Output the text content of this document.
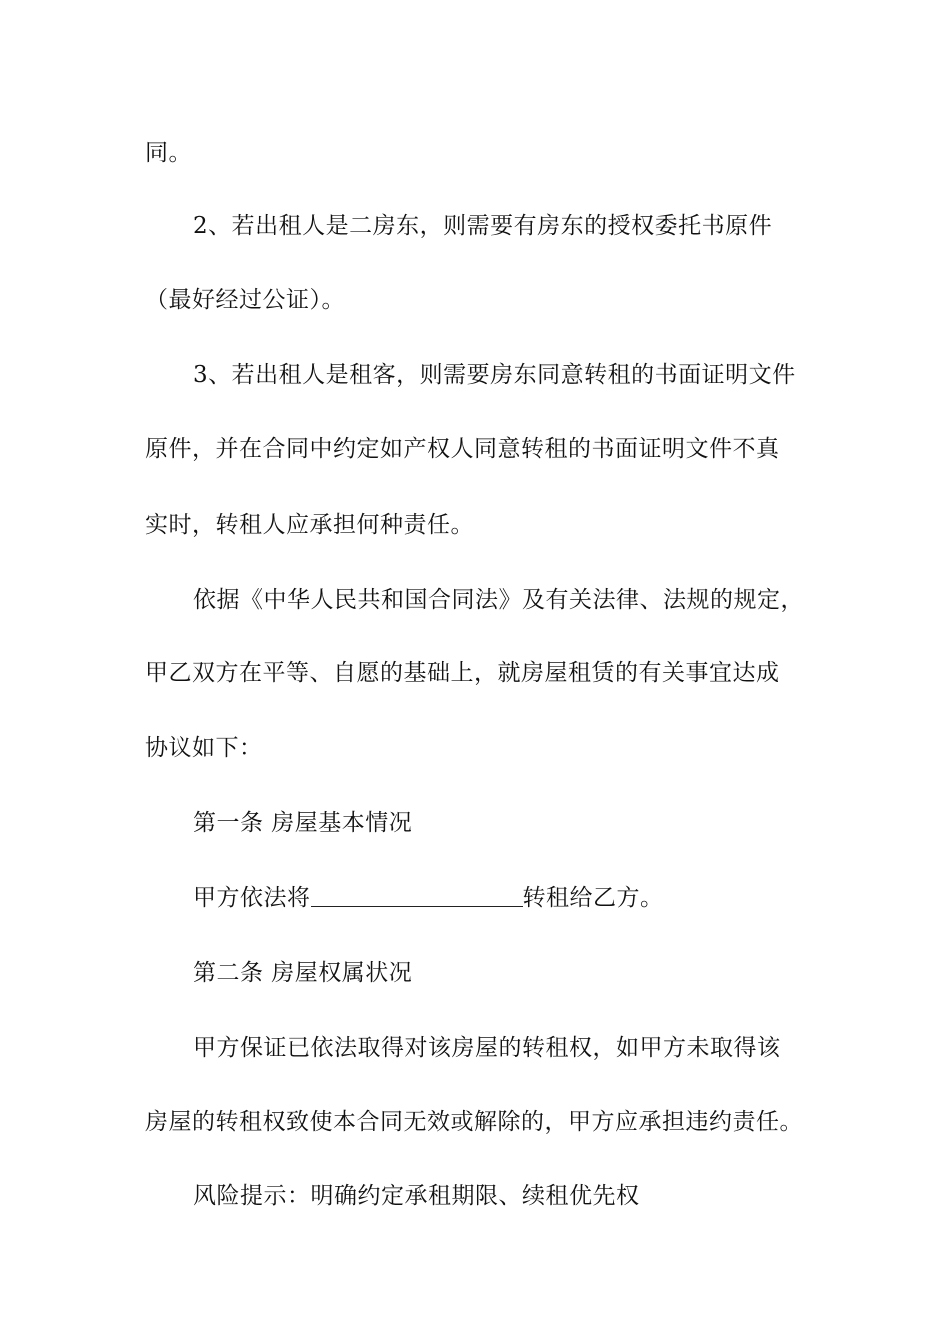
同。
2、若出租人是二房东，则需要有房东的授权委托书原件
（最好经过公证）。
3、若出租人是租客，则需要房东同意转租的书面证明文件
原件，并在合同中约定如产权人同意转租的书面证明文件不真
实时，转租人应承担何种责任。
依据《中华人民共和国合同法》及有关法律、法规的规定，
甲乙双方在平等、自愿的基础上，就房屋租赁的有关事宜达成
协议如下：
第一条 房屋基本情况
甲方依法将	转租给乙方。
第二条 房屋权属状况
甲方保证已依法取得对该房屋的转租权，如甲方未取得该
房屋的转租权致使本合同无效或解除的，甲方应承担违约责任。
风险提示：明确约定承租期限、续租优先权
